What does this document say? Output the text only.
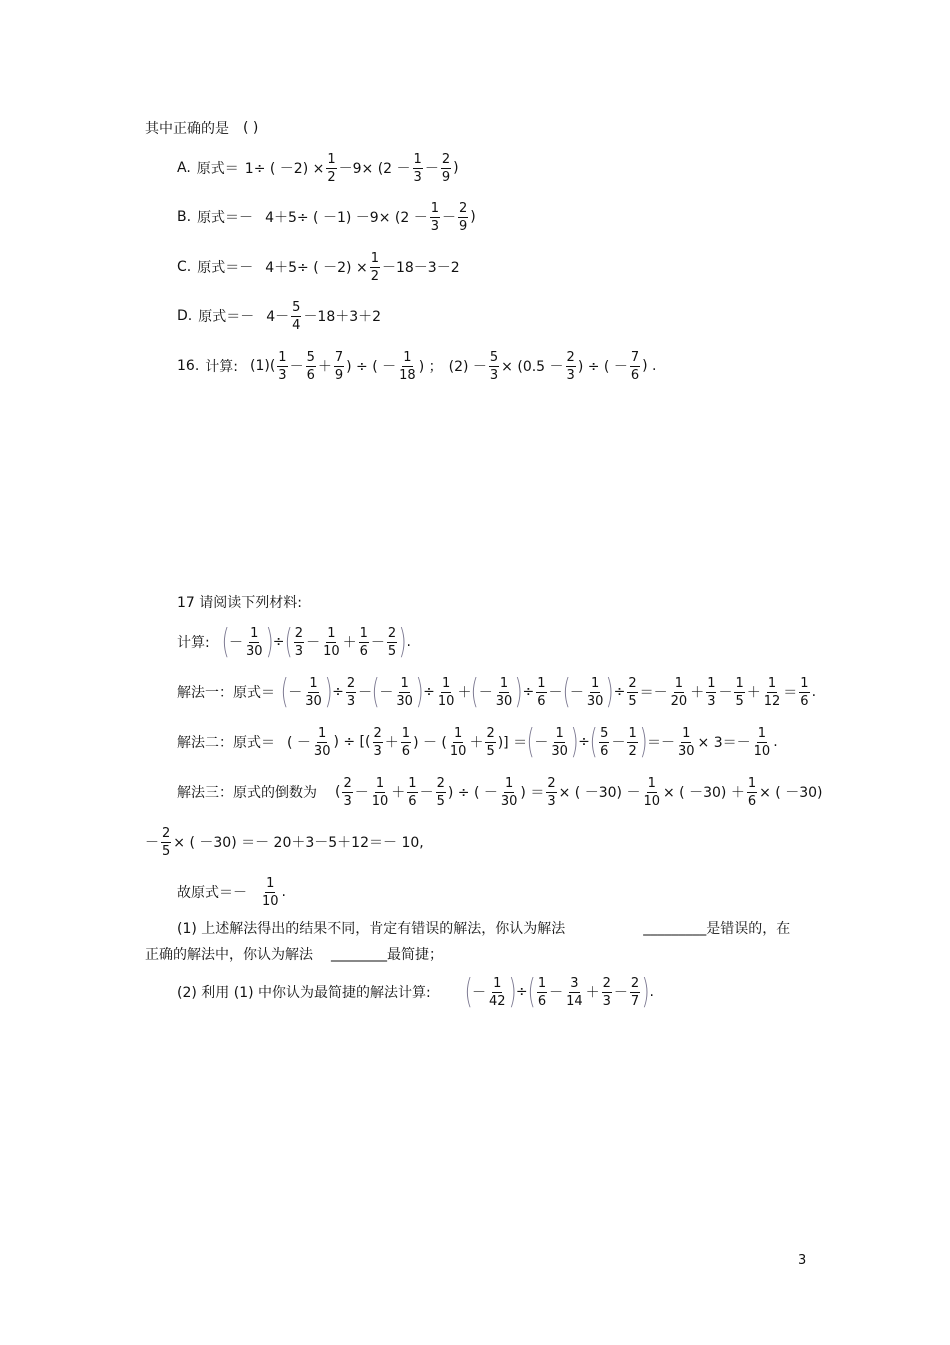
其中正确的是 ( )
A. 原式＝ 1÷ ( $-2) \times \frac{1}{2} -9\times (2 - \frac{1}{3} - \frac{2}{9}$ )
B. 原式＝－ 4＋5÷ ( $-1) -9\times (2 - \frac{1}{3} - \frac{2}{9}$ )
C. 原式＝－ 4＋5÷ ( $-2) \times \frac{1}{2} -18-3-2$
D. 原式＝－ $4- \frac{5}{4} -18+3+2$
16. 计算: $(1)( \frac{1}{3} - \frac{5}{6} + \frac{7}{9}$ ) ÷ ( － $\frac{1}{18}$ ) ； $(2) - \frac{5}{3} \times (0.5 - \frac{2}{3}$ ) ÷ ( － $\frac{7}{6}$ ) .
17 请阅读下列材料:
计算: ( － $\frac{1}{30}$ ) ÷ ( $\frac{2}{3} - \frac{1}{10} + \frac{1}{6} - \frac{2}{5}$ ) .
解法一：原式＝ ( － $\frac{1}{30}$ ) ÷ $\frac{2}{3}$ － ( － $\frac{1}{30}$ ) ÷ $\frac{1}{10}$ ＋ ( － $\frac{1}{30}$ ) ÷ $\frac{1}{6}$ － ( － $\frac{1}{30}$ ) ÷ $\frac{2}{5} =- \frac{1}{20} + \frac{1}{3} - \frac{1}{5} + \frac{1}{12} = \frac{1}{6}$ .
解法二：原式＝ ( － $\frac{1}{30}$ ) ÷ [( $\frac{2}{3} + \frac{1}{6}$ ) － ( $\frac{1}{10} + \frac{2}{5}$ )] ＝ ( － $\frac{1}{30}$ ) ÷ ( $\frac{5}{6} - \frac{1}{2}$ ) ＝－ $\frac{1}{30} \times 3=- \frac{1}{10}$ .
解法三：原式的倒数为 ( $\frac{2}{3} - \frac{1}{10} + \frac{1}{6} - \frac{2}{5}$ ) ÷ ( － $\frac{1}{30}$ ) ＝ $\frac{2}{3}$ × ( $-30) - \frac{1}{10}$ × ( $-30) + \frac{1}{6}$ × ( －30)
－ $\frac{2}{5}$ × ( －30) ＝－ 20＋3－5＋12＝－ 10,
故原式＝－ $\frac{1}{10}$ .
(1) 上述解法得出的结果不同，肯定有错误的解法，你认为解法	_________ 是错误的，在
正确的解法中，你认为解法 ________ 最简捷；
(2) 利用 (1) 中你认为最简捷的解法计算: ( － $\frac{1}{42}$ ) ÷ ( $\frac{1}{6} - \frac{3}{14} + \frac{2}{3} - \frac{2}{7}$ ) .
3
